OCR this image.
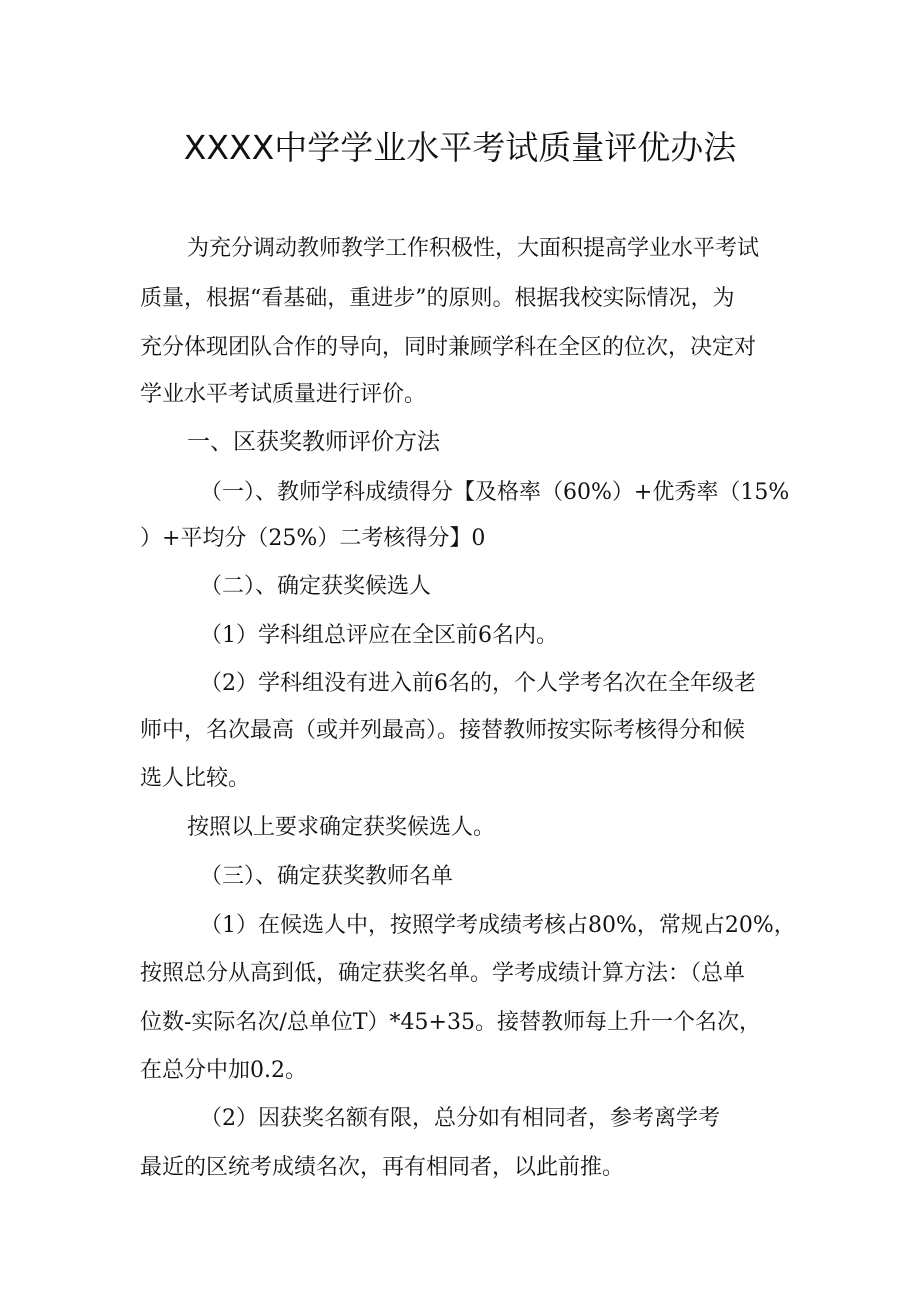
XXXX中学学业水平考试质量评优办法

为充分调动教师教学工作积极性，大面积提高学业水平考试

质量，根据“看基础，重进步”的原则。根据我校实际情况，为

充分体现团队合作的导向，同时兼顾学科在全区的位次，决定对

学业水平考试质量进行评价。

一、区获奖教师评价方法

（一）、教师学科成绩得分【及格率（60%）+优秀率（15%

）+平均分（25%）二考核得分】0

（二）、确定获奖候选人

（1）学科组总评应在全区前6名内。

（2）学科组没有进入前6名的，个人学考名次在全年级老

师中，名次最高（或并列最高）。接替教师按实际考核得分和候

选人比较。

按照以上要求确定获奖候选人。

（三）、确定获奖教师名单

（1）在候选人中，按照学考成绩考核占80%，常规占20%，

按照总分从高到低，确定获奖名单。学考成绩计算方法：（总单

位数-实际名次/总单位T）*45+35。接替教师每上升一个名次，

在总分中加0.2。

（2）因获奖名额有限，总分如有相同者，参考离学考

最近的区统考成绩名次，再有相同者，以此前推。
